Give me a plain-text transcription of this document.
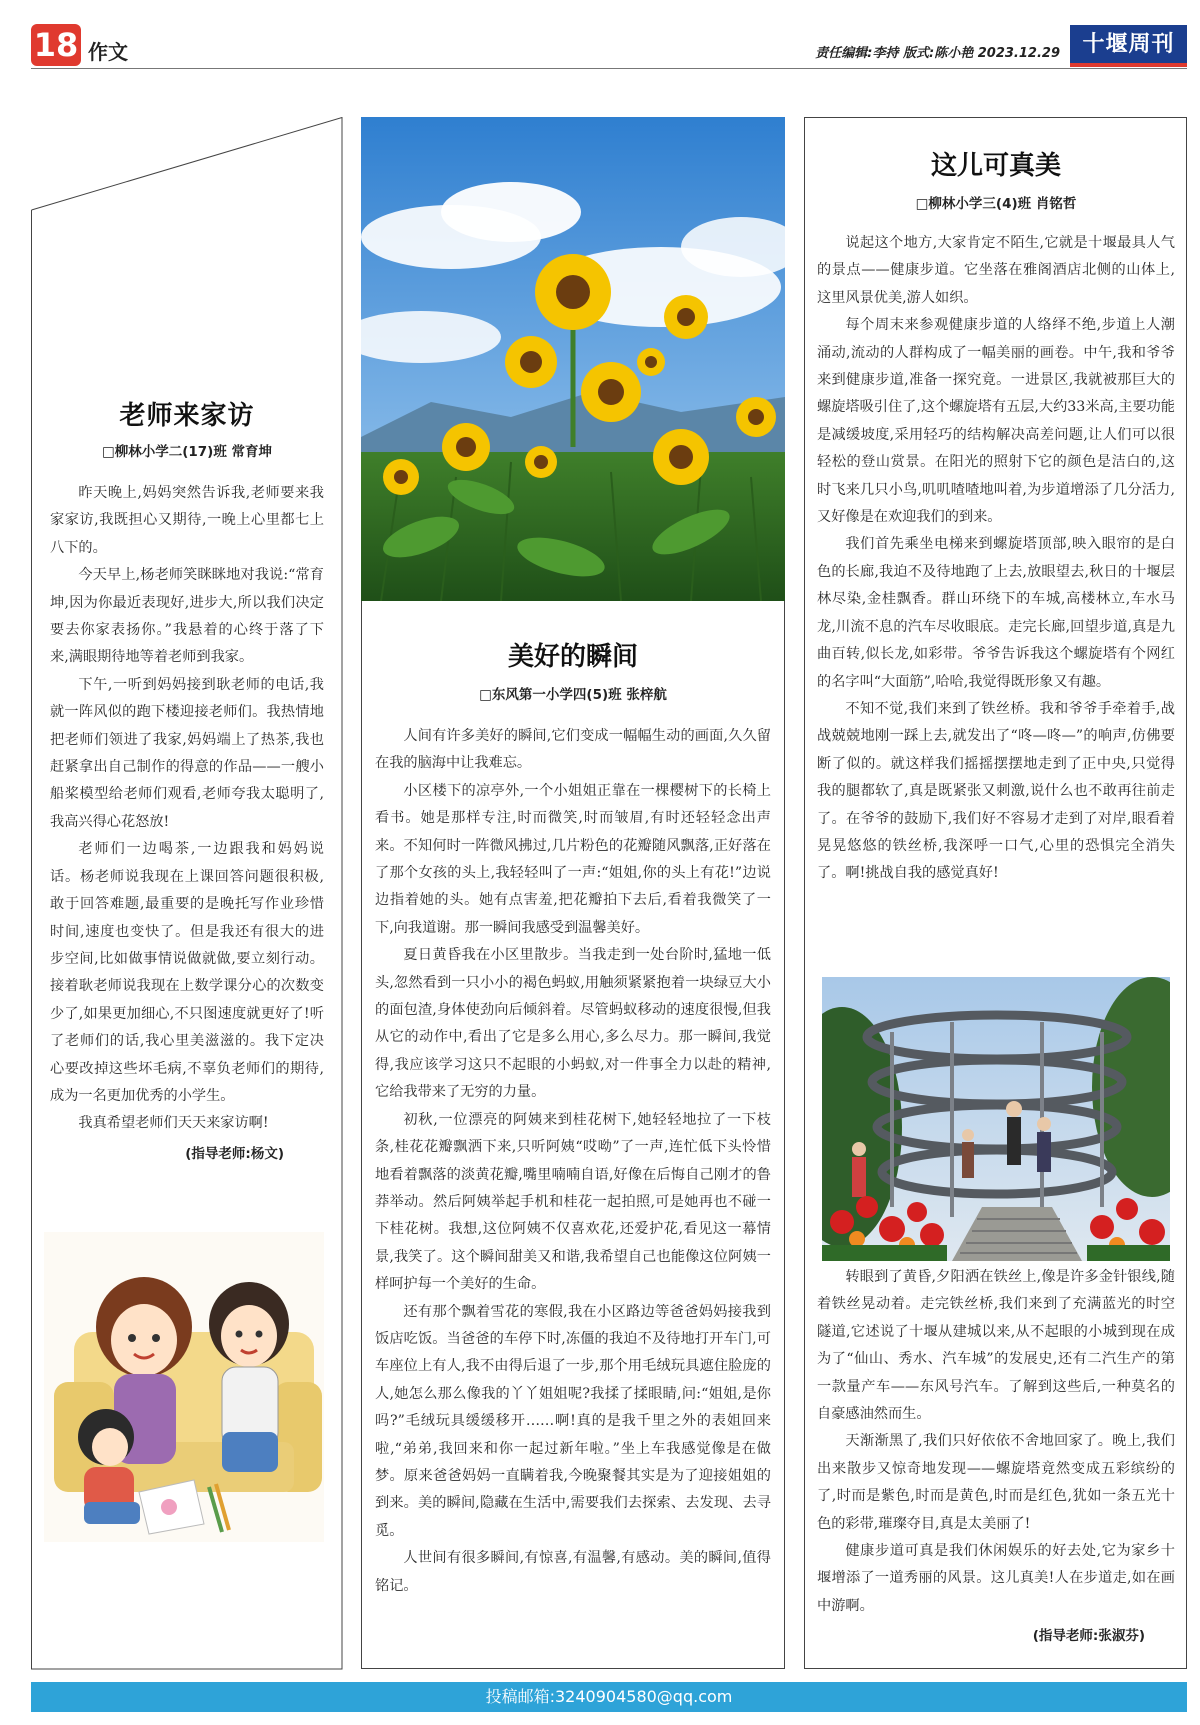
18 作文	责任编辑:李持 版式:陈小艳 2023.12.29	十堰周刊
老师来家访
□柳林小学二(17)班 常育坤

昨天晚上,妈妈突然告诉我,老师要来我家家访,我既担心又期待,一晚上心里都七上八下的。

今天早上,杨老师笑眯眯地对我说:“常育坤,因为你最近表现好,进步大,所以我们决定要去你家表扬你。”我悬着的心终于落了下来,满眼期待地等着老师到我家。

下午,一听到妈妈接到耿老师的电话,我就一阵风似的跑下楼迎接老师们。我热情地把老师们领进了我家,妈妈端上了热茶,我也赶紧拿出自己制作的得意的作品——一艘小船桨模型给老师们观看,老师夸我太聪明了,我高兴得心花怒放!

老师们一边喝茶,一边跟我和妈妈说话。杨老师说我现在上课回答问题很积极,敢于回答难题,最重要的是晚托写作业珍惜时间,速度也变快了。但是我还有很大的进步空间,比如做事情说做就做,要立刻行动。接着耿老师说我现在上数学课分心的次数变少了,如果更加细心,不只图速度就更好了!听了老师们的话,我心里美滋滋的。我下定决心要改掉这些坏毛病,不辜负老师们的期待,成为一名更加优秀的小学生。

我真希望老师们天天来家访啊!

(指导老师:杨文)
美好的瞬间
□东风第一小学四(5)班 张梓航

人间有许多美好的瞬间,它们变成一幅幅生动的画面,久久留在我的脑海中让我难忘。

小区楼下的凉亭外,一个小姐姐正靠在一棵樱树下的长椅上看书。她是那样专注,时而微笑,时而皱眉,有时还轻轻念出声来。不知何时一阵微风拂过,几片粉色的花瓣随风飘落,正好落在了那个女孩的头上,我轻轻叫了一声:“姐姐,你的头上有花!”边说边指着她的头。她有点害羞,把花瓣拍下去后,看着我微笑了一下,向我道谢。那一瞬间我感受到温馨美好。

夏日黄昏我在小区里散步。当我走到一处台阶时,猛地一低头,忽然看到一只小小的褐色蚂蚁,用触须紧紧抱着一块绿豆大小的面包渣,身体使劲向后倾斜着。尽管蚂蚁移动的速度很慢,但我从它的动作中,看出了它是多么用心,多么尽力。那一瞬间,我觉得,我应该学习这只不起眼的小蚂蚁,对一件事全力以赴的精神,它给我带来了无穷的力量。

初秋,一位漂亮的阿姨来到桂花树下,她轻轻地拉了一下枝条,桂花花瓣飘洒下来,只听阿姨“哎呦”了一声,连忙低下头怜惜地看着飘落的淡黄花瓣,嘴里喃喃自语,好像在后悔自己刚才的鲁莽举动。然后阿姨举起手机和桂花一起拍照,可是她再也不碰一下桂花树。我想,这位阿姨不仅喜欢花,还爱护花,看见这一幕情景,我笑了。这个瞬间甜美又和谐,我希望自己也能像这位阿姨一样呵护每一个美好的生命。

还有那个飘着雪花的寒假,我在小区路边等爸爸妈妈接我到饭店吃饭。当爸爸的车停下时,冻僵的我迫不及待地打开车门,可车座位上有人,我不由得后退了一步,那个用毛绒玩具遮住脸庞的人,她怎么那么像我的丫丫姐姐呢?我揉了揉眼睛,问:“姐姐,是你吗?”毛绒玩具缓缓移开……啊!真的是我千里之外的表姐回来啦,“弟弟,我回来和你一起过新年啦。”坐上车我感觉像是在做梦。原来爸爸妈妈一直瞒着我,今晚聚餐其实是为了迎接姐姐的到来。美的瞬间,隐藏在生活中,需要我们去探索、去发现、去寻觅。

人世间有很多瞬间,有惊喜,有温馨,有感动。美的瞬间,值得铭记。

这儿可真美
□柳林小学三(4)班 肖铭哲

说起这个地方,大家肯定不陌生,它就是十堰最具人气的景点——健康步道。它坐落在雅阁酒店北侧的山体上,这里风景优美,游人如织。

每个周末来参观健康步道的人络绎不绝,步道上人潮涌动,流动的人群构成了一幅美丽的画卷。中午,我和爷爷来到健康步道,准备一探究竟。一进景区,我就被那巨大的螺旋塔吸引住了,这个螺旋塔有五层,大约33米高,主要功能是减缓坡度,采用轻巧的结构解决高差问题,让人们可以很轻松的登山赏景。在阳光的照射下它的颜色是洁白的,这时飞来几只小鸟,叽叽喳喳地叫着,为步道增添了几分活力,又好像是在欢迎我们的到来。

我们首先乘坐电梯来到螺旋塔顶部,映入眼帘的是白色的长廊,我迫不及待地跑了上去,放眼望去,秋日的十堰层林尽染,金桂飘香。群山环绕下的车城,高楼林立,车水马龙,川流不息的汽车尽收眼底。走完长廊,回望步道,真是九曲百转,似长龙,如彩带。爷爷告诉我这个螺旋塔有个网红的名字叫“大面筋”,哈哈,我觉得既形象又有趣。

不知不觉,我们来到了铁丝桥。我和爷爷手牵着手,战战兢兢地刚一踩上去,就发出了“咚—咚—”的响声,仿佛要断了似的。就这样我们摇摇摆摆地走到了正中央,只觉得我的腿都软了,真是既紧张又刺激,说什么也不敢再往前走了。在爷爷的鼓励下,我们好不容易才走到了对岸,眼看着晃晃悠悠的铁丝桥,我深呼一口气,心里的恐惧完全消失了。啊!挑战自我的感觉真好!

转眼到了黄昏,夕阳洒在铁丝上,像是许多金针银线,随着铁丝晃动着。走完铁丝桥,我们来到了充满蓝光的时空隧道,它述说了十堰从建城以来,从不起眼的小城到现在成为了“仙山、秀水、汽车城”的发展史,还有二汽生产的第一款量产车——东风号汽车。了解到这些后,一种莫名的自豪感油然而生。

天渐渐黑了,我们只好依依不舍地回家了。晚上,我们出来散步又惊奇地发现——螺旋塔竟然变成五彩缤纷的了,时而是紫色,时而是黄色,时而是红色,犹如一条五光十色的彩带,璀璨夺目,真是太美丽了!

健康步道可真是我们休闲娱乐的好去处,它为家乡十堰增添了一道秀丽的风景。这儿真美!人在步道走,如在画中游啊。

(指导老师:张淑芬)
投稿邮箱:3240904580@qq.com
